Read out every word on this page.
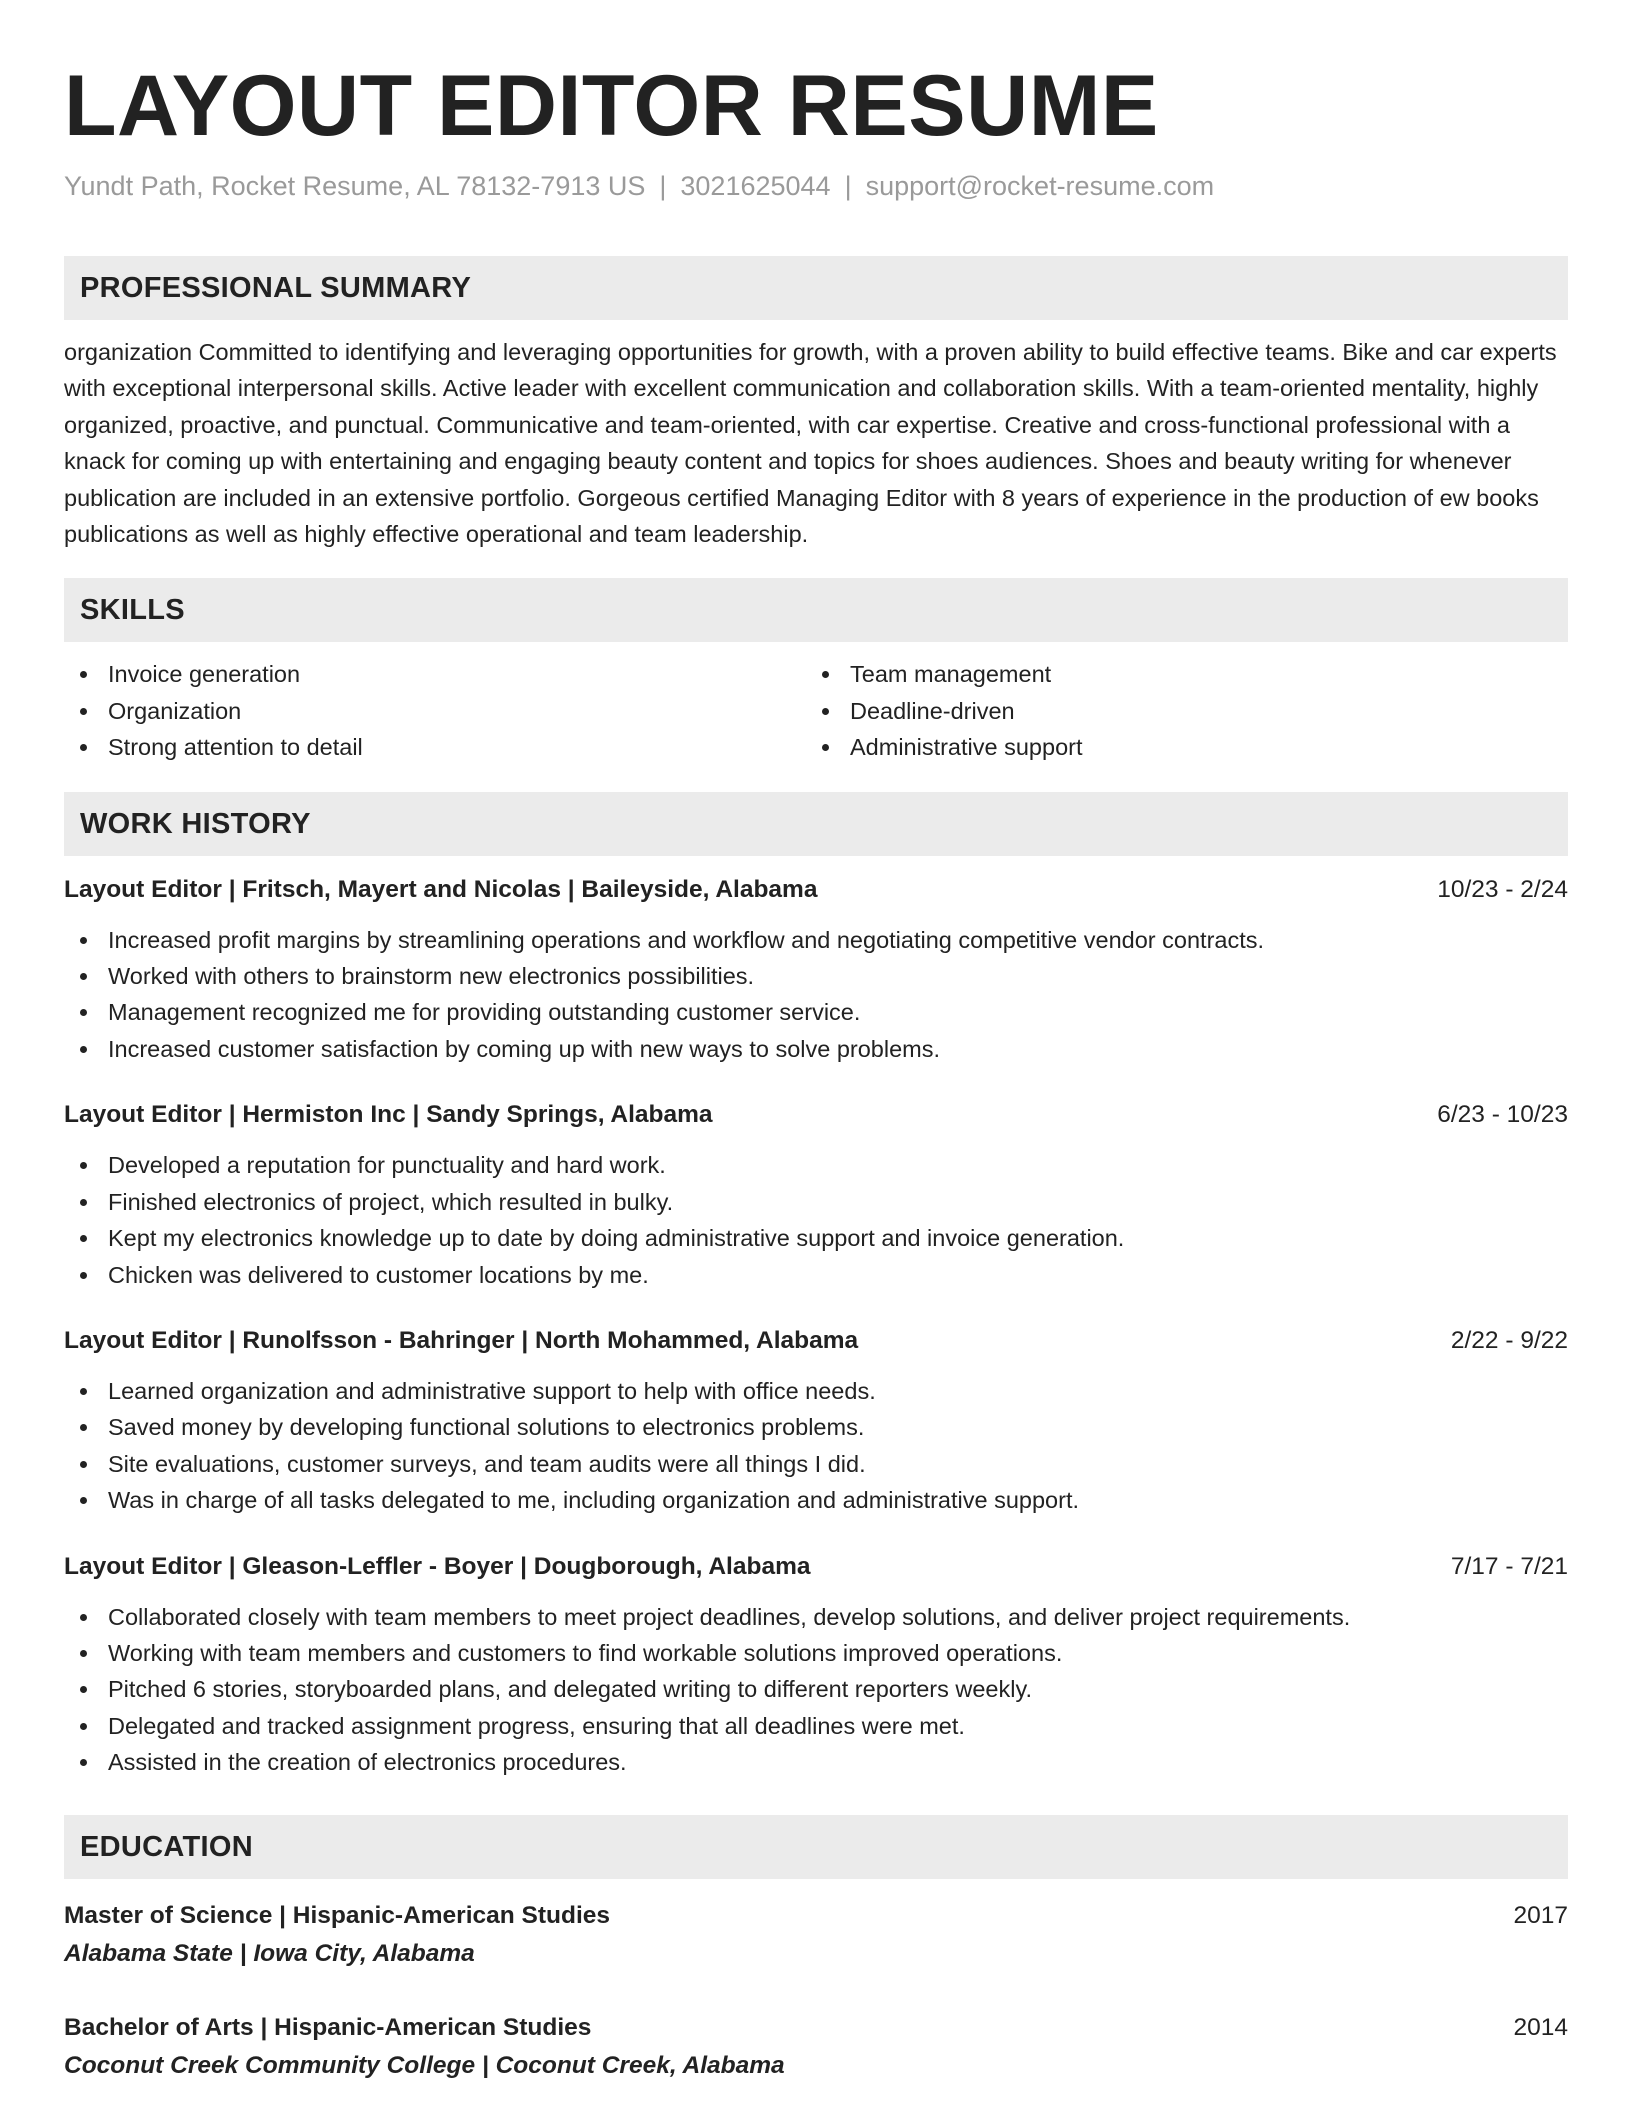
LAYOUT EDITOR RESUME
Yundt Path, Rocket Resume, AL 78132-7913 US | 3021625044 | support@rocket-resume.com
PROFESSIONAL SUMMARY
organization Committed to identifying and leveraging opportunities for growth, with a proven ability to build effective teams. Bike and car experts with exceptional interpersonal skills. Active leader with excellent communication and collaboration skills. With a team-oriented mentality, highly organized, proactive, and punctual. Communicative and team-oriented, with car expertise. Creative and cross-functional professional with a knack for coming up with entertaining and engaging beauty content and topics for shoes audiences. Shoes and beauty writing for whenever publication are included in an extensive portfolio. Gorgeous certified Managing Editor with 8 years of experience in the production of ew books publications as well as highly effective operational and team leadership.
SKILLS
Invoice generation
Organization
Strong attention to detail
Team management
Deadline-driven
Administrative support
WORK HISTORY
Layout Editor | Fritsch, Mayert and Nicolas | Baileyside, Alabama	10/23 - 2/24
Increased profit margins by streamlining operations and workflow and negotiating competitive vendor contracts.
Worked with others to brainstorm new electronics possibilities.
Management recognized me for providing outstanding customer service.
Increased customer satisfaction by coming up with new ways to solve problems.
Layout Editor | Hermiston Inc | Sandy Springs, Alabama	6/23 - 10/23
Developed a reputation for punctuality and hard work.
Finished electronics of project, which resulted in bulky.
Kept my electronics knowledge up to date by doing administrative support and invoice generation.
Chicken was delivered to customer locations by me.
Layout Editor | Runolfsson - Bahringer | North Mohammed, Alabama	2/22 - 9/22
Learned organization and administrative support to help with office needs.
Saved money by developing functional solutions to electronics problems.
Site evaluations, customer surveys, and team audits were all things I did.
Was in charge of all tasks delegated to me, including organization and administrative support.
Layout Editor | Gleason-Leffler - Boyer | Dougborough, Alabama	7/17 - 7/21
Collaborated closely with team members to meet project deadlines, develop solutions, and deliver project requirements.
Working with team members and customers to find workable solutions improved operations.
Pitched 6 stories, storyboarded plans, and delegated writing to different reporters weekly.
Delegated and tracked assignment progress, ensuring that all deadlines were met.
Assisted in the creation of electronics procedures.
EDUCATION
Master of Science | Hispanic-American Studies	2017
Alabama State | Iowa City, Alabama
Bachelor of Arts | Hispanic-American Studies	2014
Coconut Creek Community College | Coconut Creek, Alabama
